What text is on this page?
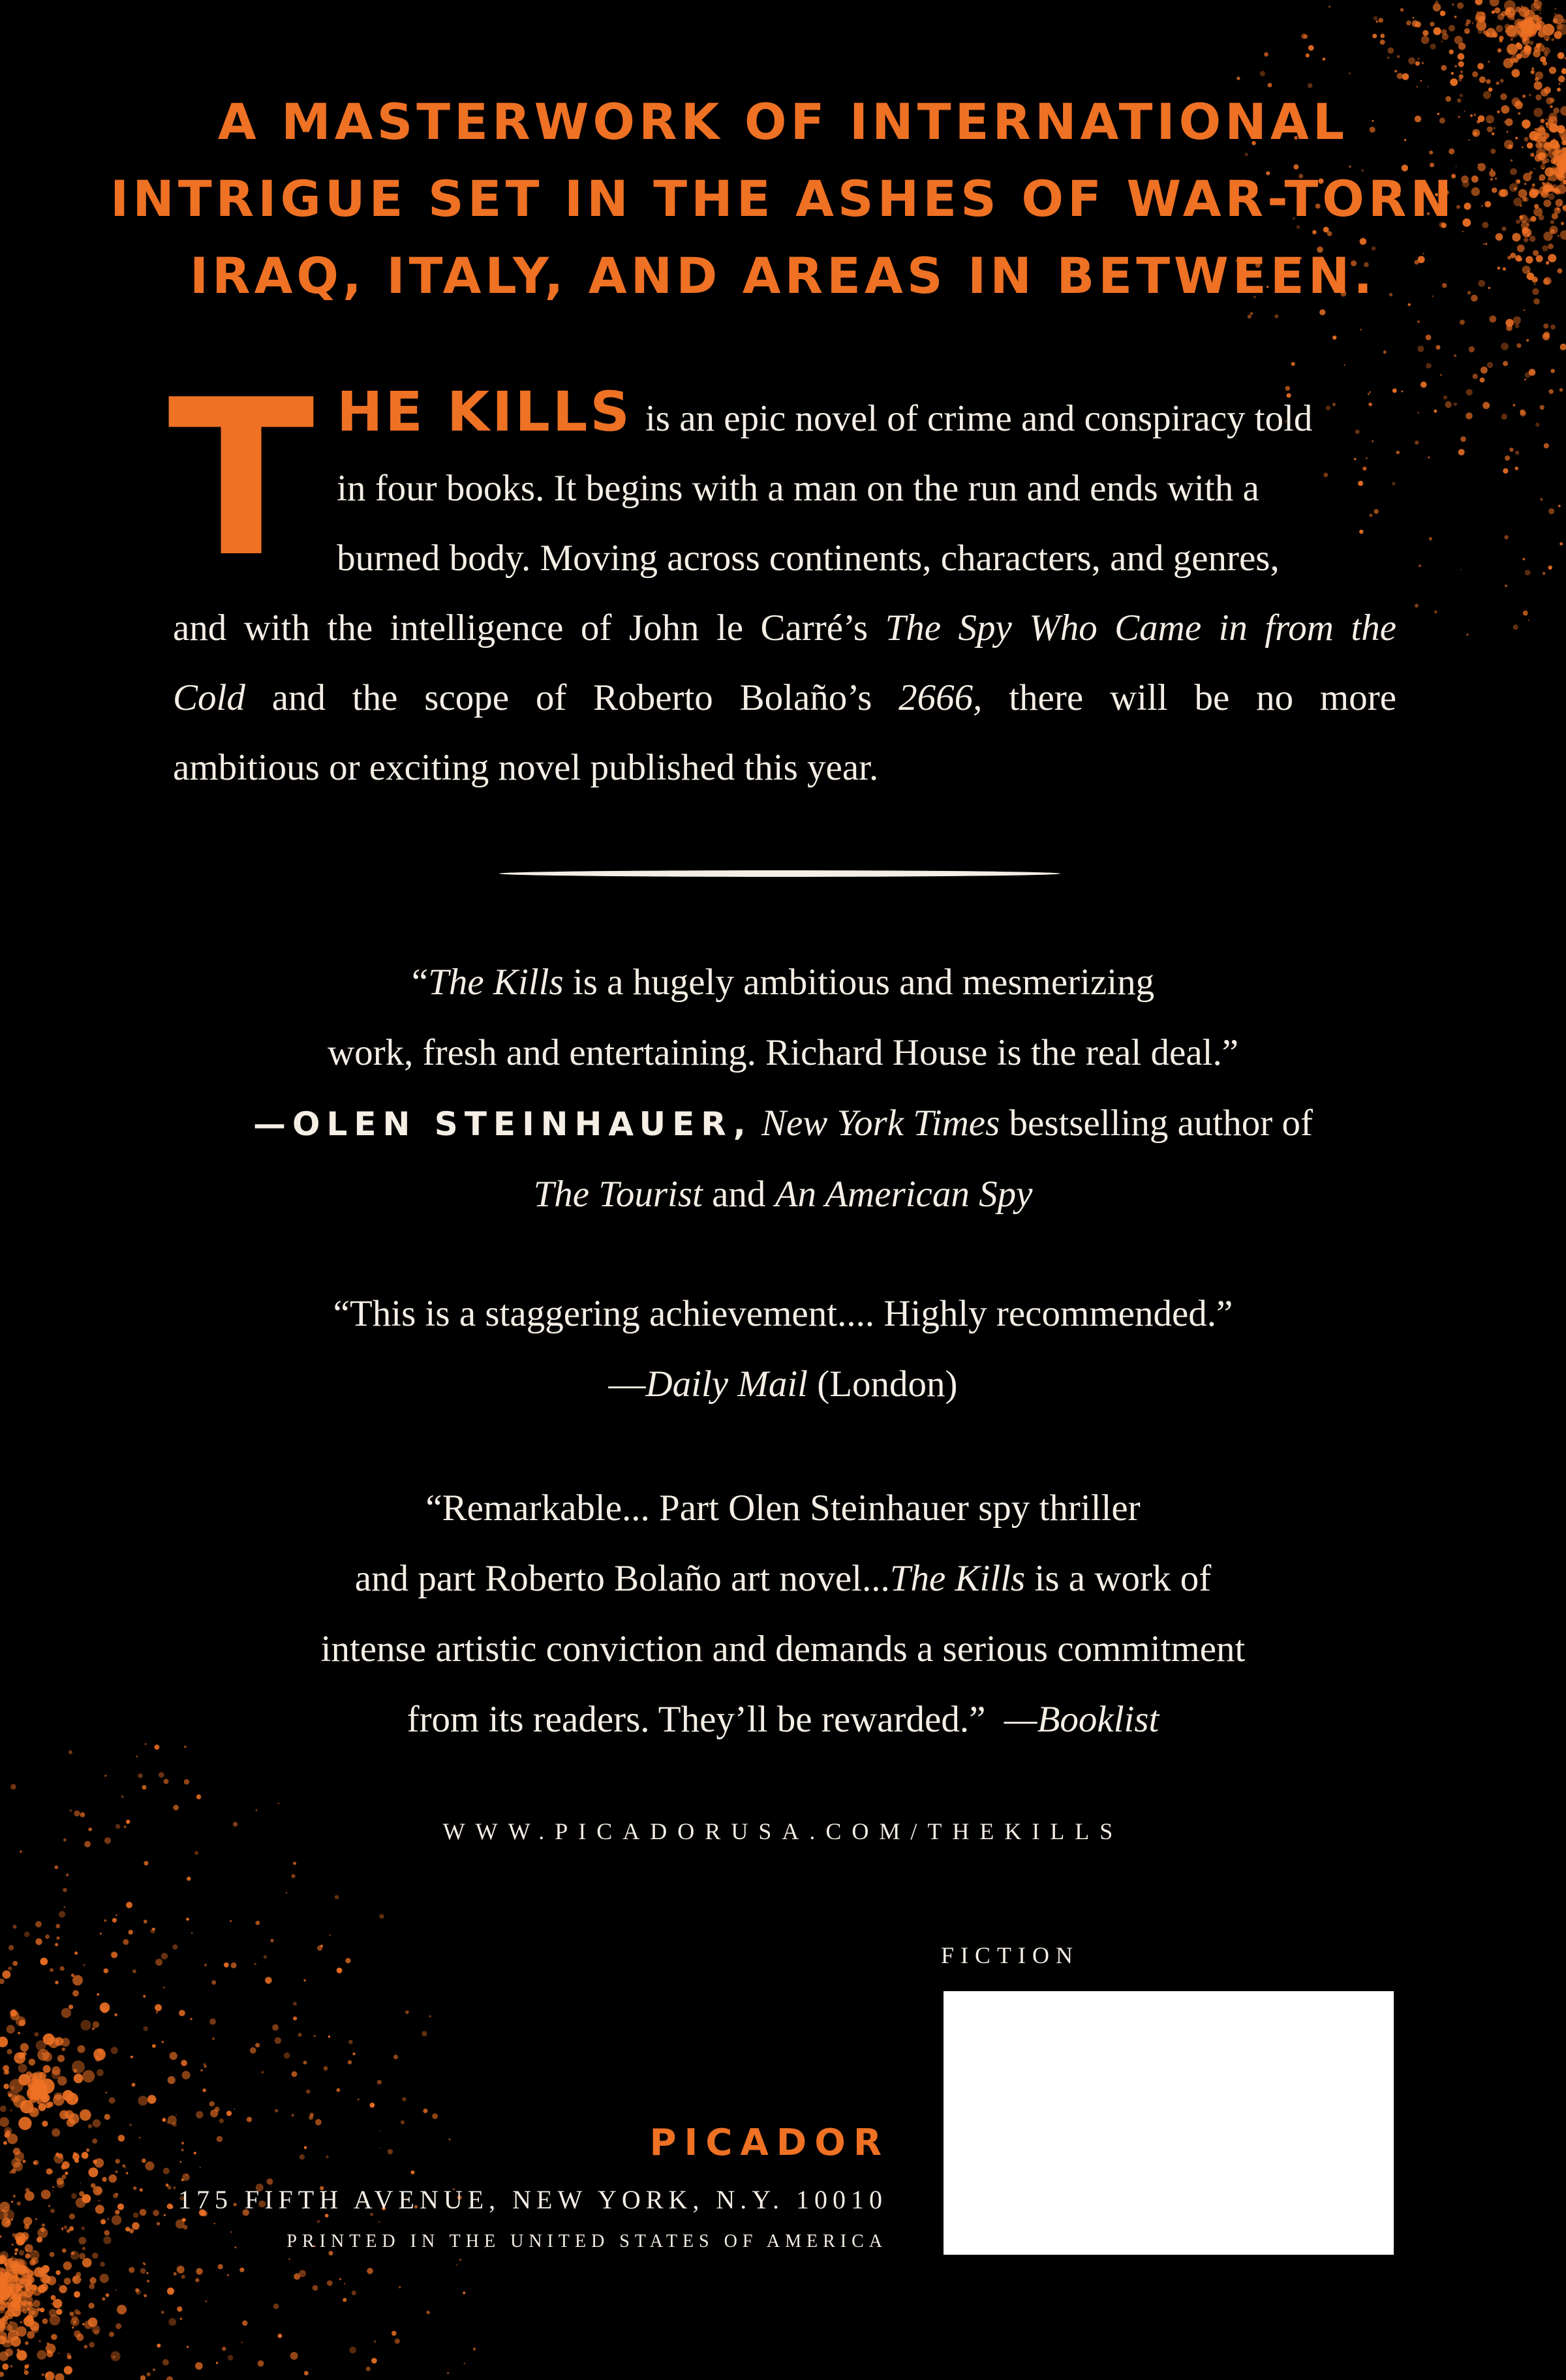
A MASTERWORK OF INTERNATIONAL
INTRIGUE SET IN THE ASHES OF WAR-TORN
IRAQ, ITALY, AND AREAS IN BETWEEN.
T HE KILLS is an epic novel of crime and conspiracy told
in four books. It begins with a man on the run and ends with a
burned body. Moving across continents, characters, and genres,
and with the intelligence of John le Carré’s The Spy Who Came in from the
Cold and the scope of Roberto Bolaño’s 2666, there will be no more
ambitious or exciting novel published this year.
“The Kills is a hugely ambitious and mesmerizing
work, fresh and entertaining. Richard House is the real deal.”
—OLEN STEINHAUER, New York Times bestselling author of
The Tourist and An American Spy
“This is a staggering achievement.... Highly recommended.”
—Daily Mail (London)
“Remarkable... Part Olen Steinhauer spy thriller
and part Roberto Bolaño art novel...The Kills is a work of
intense artistic conviction and demands a serious commitment
from its readers. They’ll be rewarded.” —Booklist
WWW.PICADORUSA.COM/THEKILLS
FICTION
PICADOR
175 FIFTH AVENUE, NEW YORK, N.Y. 10010
PRINTED IN THE UNITED STATES OF AMERICA
